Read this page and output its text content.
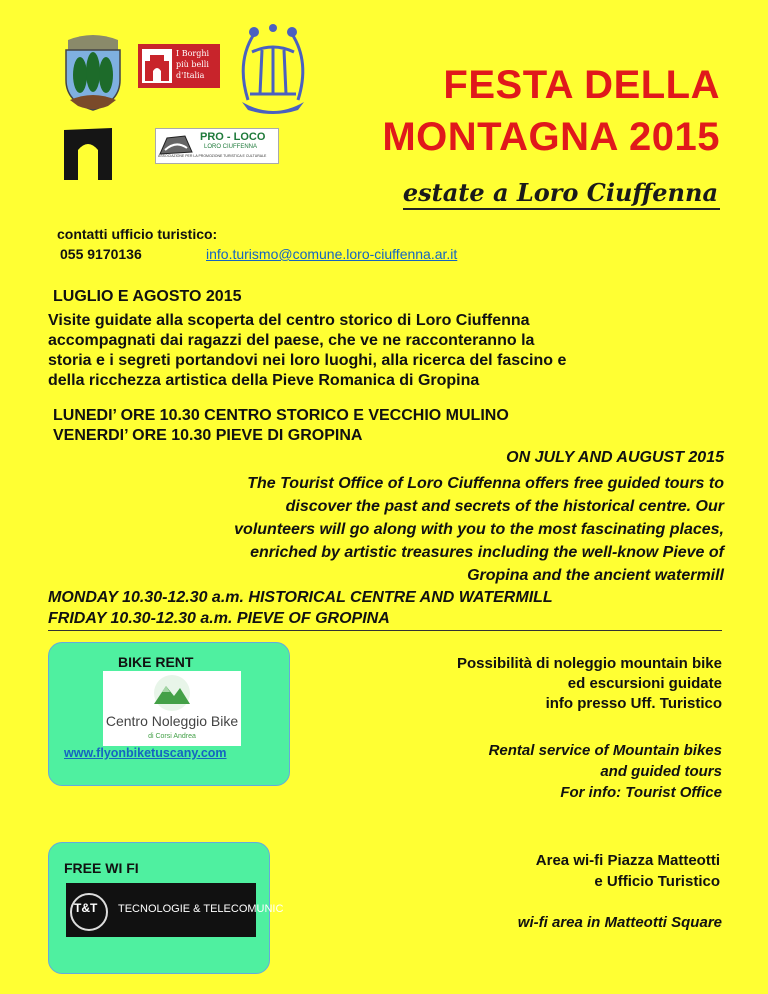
I Borghi
più belli
d'Italia
PRO - LOCO
LORO CIUFFENNA
ASSOCIAZIONE PER LA PROMOZIONE TURISTICA E CULTURALE
FESTA DELLA
MONTAGNA 2015
estate a Loro Ciuffenna
contatti ufficio turistico:
055 9170136	info.turismo@comune.loro-ciuffenna.ar.it
LUGLIO E AGOSTO 2015
Visite guidate alla scoperta del centro storico di Loro Ciuffenna
accompagnati dai ragazzi del paese, che ve ne racconteranno la
storia e i segreti portandovi nei loro luoghi, alla ricerca del fascino e
della ricchezza artistica della Pieve Romanica di Gropina
LUNEDI’ ORE 10.30 CENTRO STORICO E VECCHIO MULINO
VENERDI’ ORE 10.30 PIEVE DI GROPINA
ON JULY AND AUGUST 2015
The Tourist Office of Loro Ciuffenna offers free guided tours to
discover the past and secrets of the historical centre. Our
volunteers will go along with you to the most fascinating places,
enriched by artistic treasures including the well-know Pieve of
Gropina and the ancient watermill
MONDAY 10.30-12.30 a.m. HISTORICAL CENTRE AND WATERMILL
FRIDAY 10.30-12.30 a.m. PIEVE OF GROPINA
BIKE RENT
Centro Noleggio Bike
di Corsi Andrea
www.flyonbiketuscany.com
Possibilità di noleggio mountain bike
ed escursioni guidate
info presso Uff. Turistico
Rental service of Mountain bikes
and guided tours
For info: Tourist Office
FREE WI FI
T&T TECNOLOGIE & TELECOMUNIC
Area wi-fi Piazza Matteotti
e Ufficio Turistico
wi-fi area in Matteotti Square
